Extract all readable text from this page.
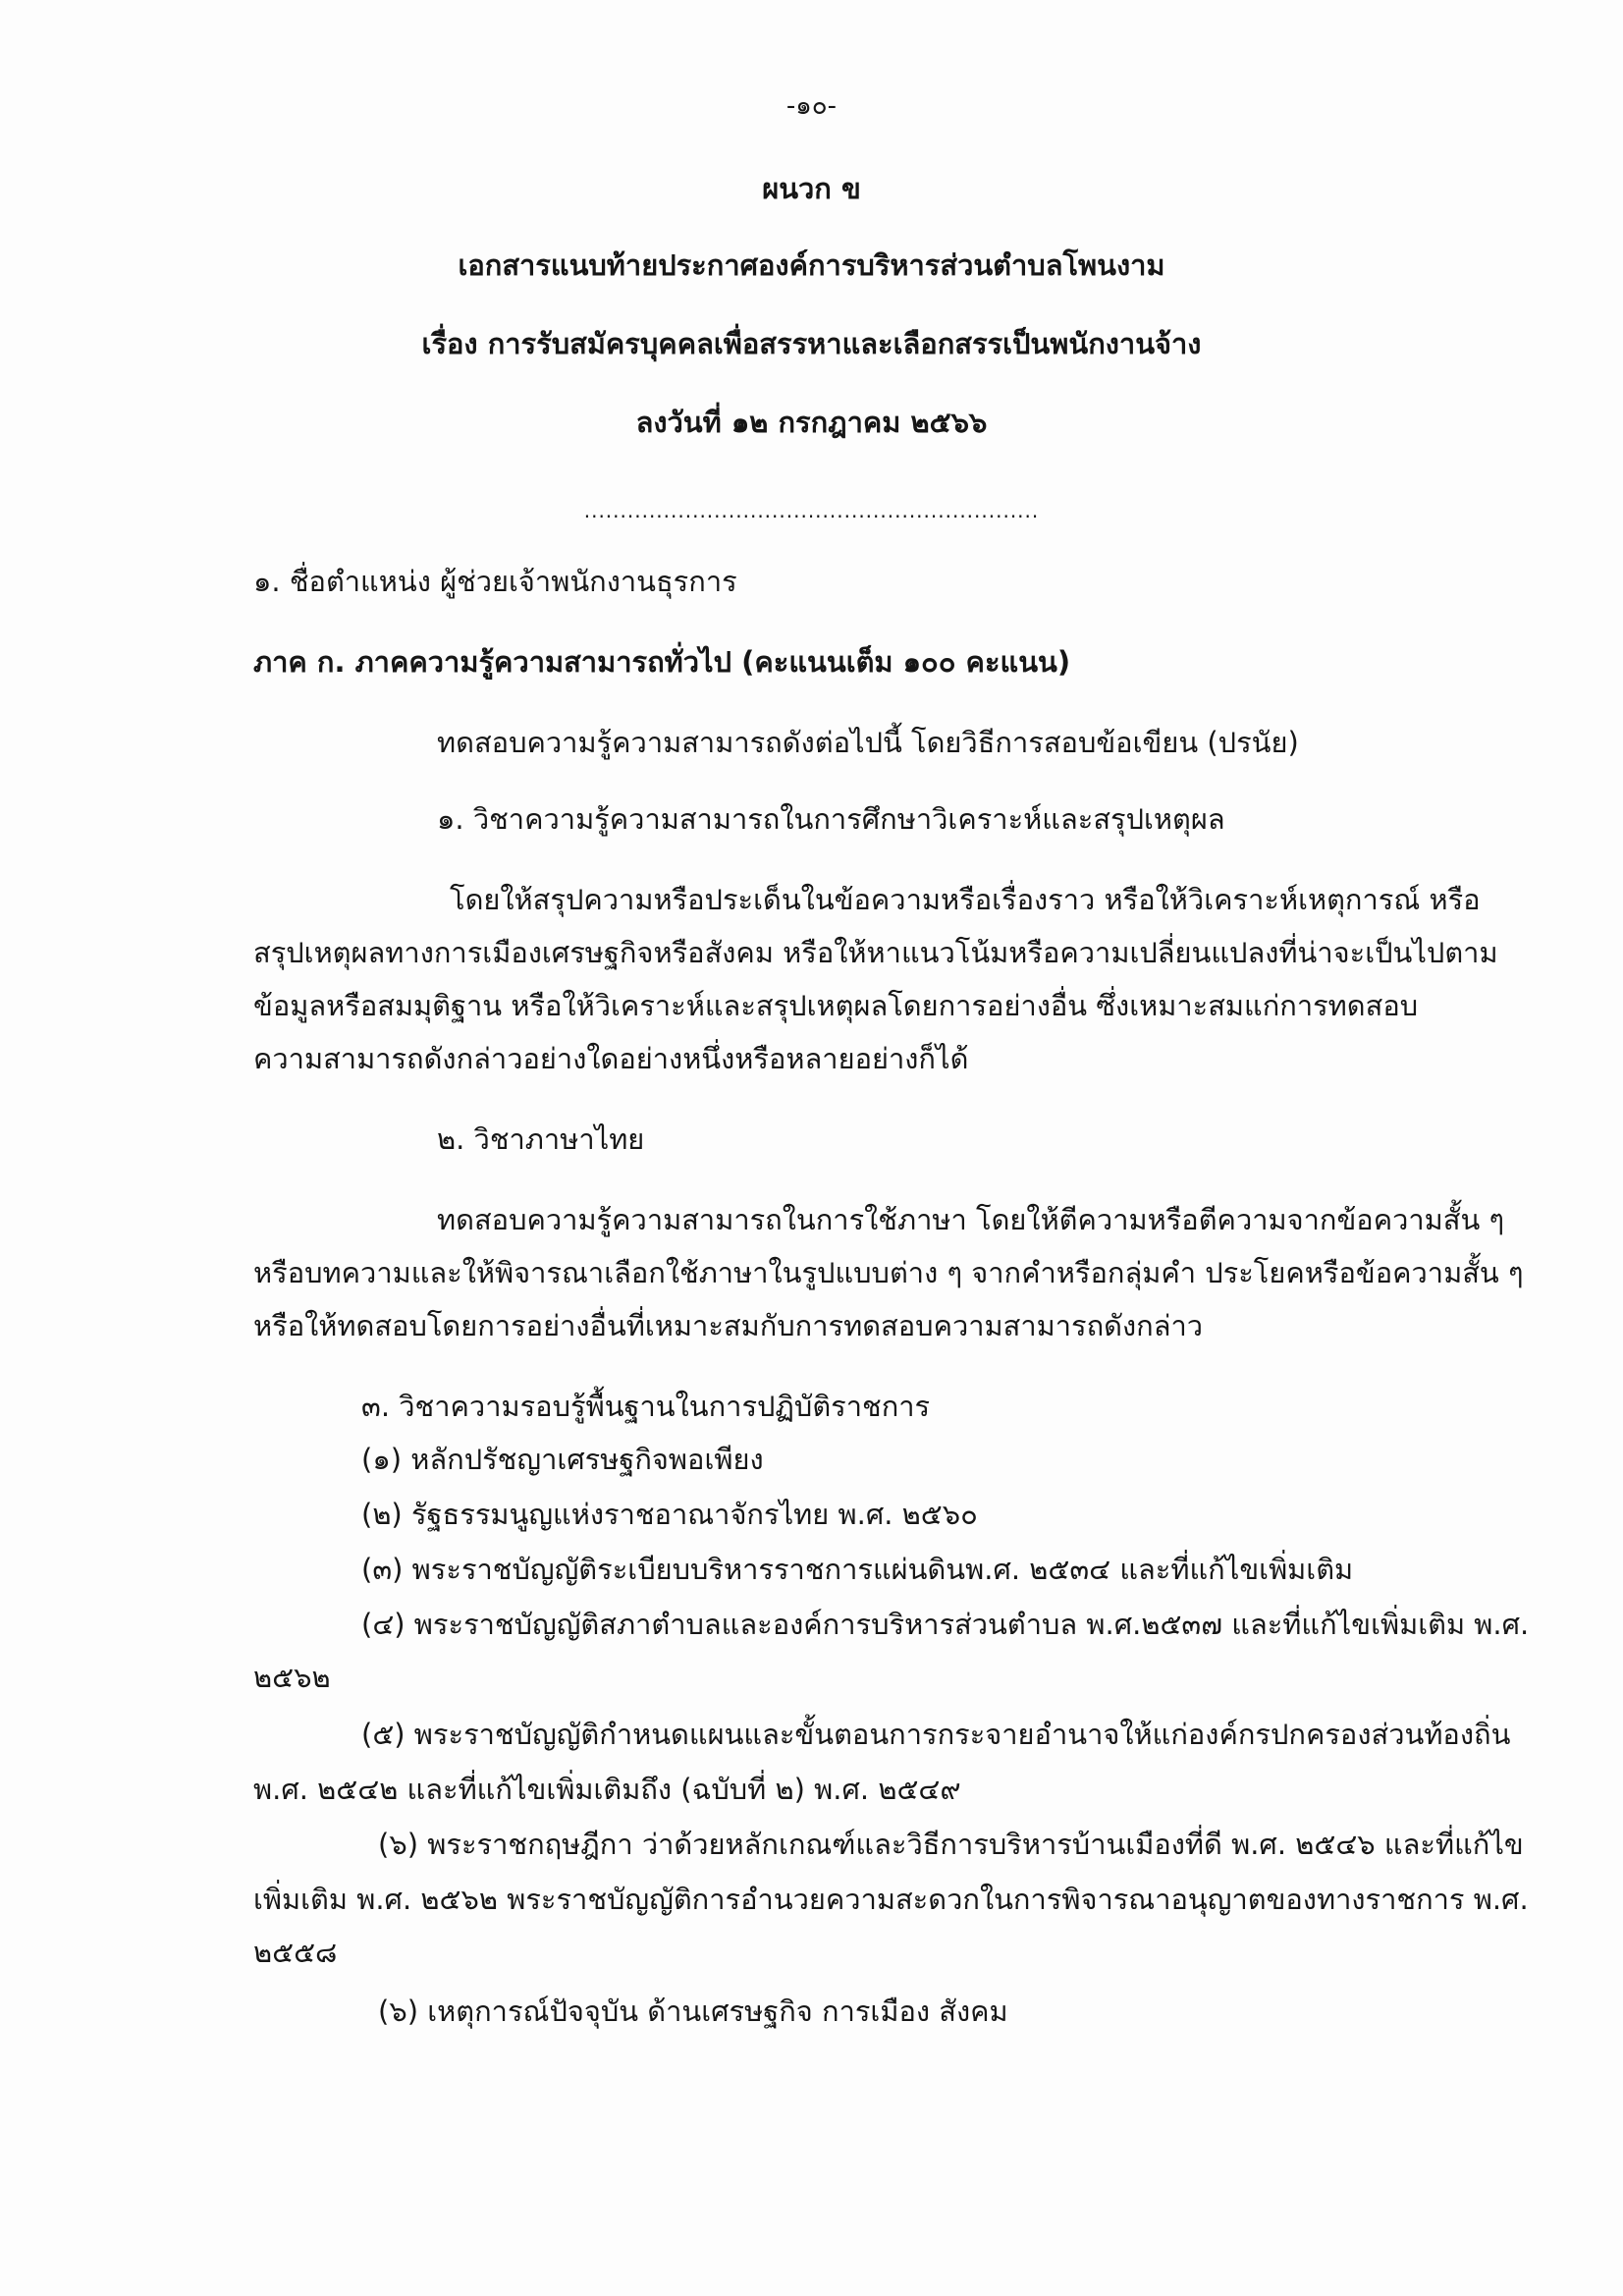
-๑๐-
ผนวก ข
เอกสารแนบท้ายประกาศองค์การบริหารส่วนตำบลโพนงาม
เรื่อง การรับสมัครบุคคลเพื่อสรรหาและเลือกสรรเป็นพนักงานจ้าง
ลงวันที่ ๑๒ กรกฎาคม ๒๕๖๖
...............................................................
๑. ชื่อตำแหน่ง ผู้ช่วยเจ้าพนักงานธุรการ
ภาค ก. ภาคความรู้ความสามารถทั่วไป (คะแนนเต็ม ๑๐๐ คะแนน)
ทดสอบความรู้ความสามารถดังต่อไปนี้ โดยวิธีการสอบข้อเขียน (ปรนัย)
๑. วิชาความรู้ความสามารถในการศึกษาวิเคราะห์และสรุปเหตุผล
โดยให้สรุปความหรือประเด็นในข้อความหรือเรื่องราว หรือให้วิเคราะห์เหตุการณ์ หรือ
สรุปเหตุผลทางการเมืองเศรษฐกิจหรือสังคม หรือให้หาแนวโน้มหรือความเปลี่ยนแปลงที่น่าจะเป็นไปตาม
ข้อมูลหรือสมมุติฐาน หรือให้วิเคราะห์และสรุปเหตุผลโดยการอย่างอื่น ซึ่งเหมาะสมแก่การทดสอบ
ความสามารถดังกล่าวอย่างใดอย่างหนึ่งหรือหลายอย่างก็ได้
๒. วิชาภาษาไทย
ทดสอบความรู้ความสามารถในการใช้ภาษา โดยให้ตีความหรือตีความจากข้อความสั้น ๆ
หรือบทความและให้พิจารณาเลือกใช้ภาษาในรูปแบบต่าง ๆ จากคำหรือกลุ่มคำ ประโยคหรือข้อความสั้น ๆ
หรือให้ทดสอบโดยการอย่างอื่นที่เหมาะสมกับการทดสอบความสามารถดังกล่าว
๓. วิชาความรอบรู้พื้นฐานในการปฏิบัติราชการ
(๑) หลักปรัชญาเศรษฐกิจพอเพียง
(๒) รัฐธรรมนูญแห่งราชอาณาจักรไทย พ.ศ. ๒๕๖๐
(๓) พระราชบัญญัติระเบียบบริหารราชการแผ่นดินพ.ศ. ๒๕๓๔ และที่แก้ไขเพิ่มเติม
(๔) พระราชบัญญัติสภาตำบลและองค์การบริหารส่วนตำบล พ.ศ.๒๕๓๗ และที่แก้ไขเพิ่มเติม พ.ศ.
๒๕๖๒
(๕) พระราชบัญญัติกำหนดแผนและขั้นตอนการกระจายอำนาจให้แก่องค์กรปกครองส่วนท้องถิ่น
พ.ศ. ๒๕๔๒ และที่แก้ไขเพิ่มเติมถึง (ฉบับที่ ๒) พ.ศ. ๒๕๔๙
(๖) พระราชกฤษฎีกา ว่าด้วยหลักเกณฑ์และวิธีการบริหารบ้านเมืองที่ดี พ.ศ. ๒๕๔๖ และที่แก้ไข
เพิ่มเติม พ.ศ. ๒๕๖๒ พระราชบัญญัติการอำนวยความสะดวกในการพิจารณาอนุญาตของทางราชการ พ.ศ.
๒๕๕๘
(๖) เหตุการณ์ปัจจุบัน ด้านเศรษฐกิจ การเมือง สังคม
